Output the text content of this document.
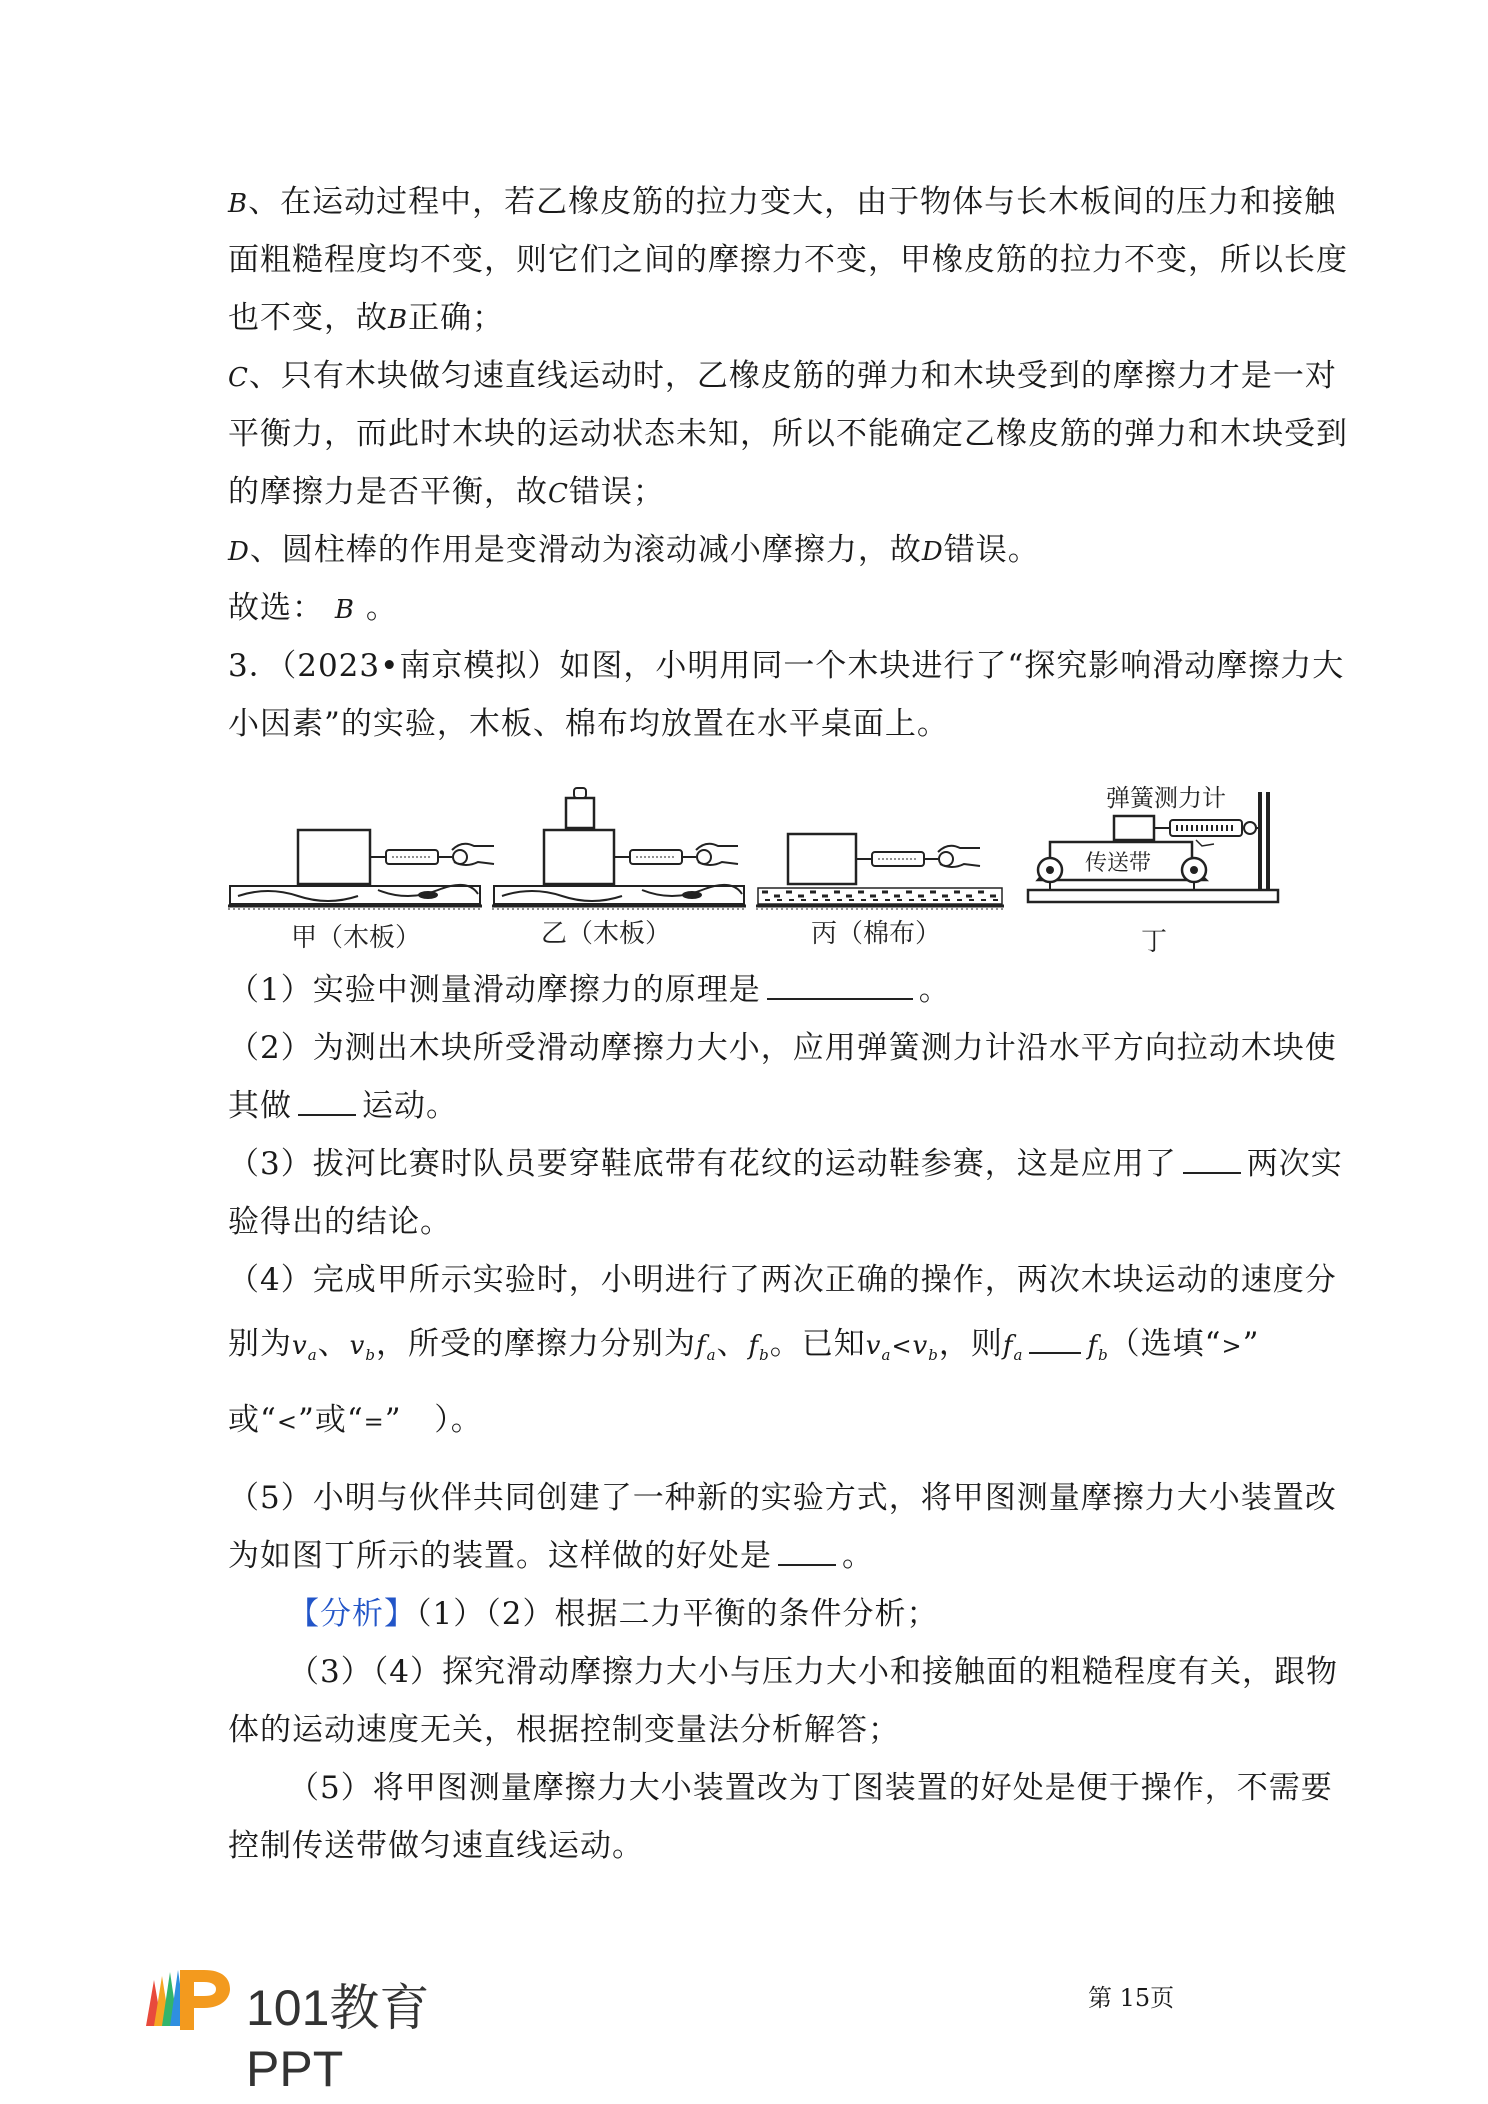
B、在运动过程中，若乙橡皮筋的拉力变大，由于物体与长木板间的压力和接触
面粗糙程度均不变，则它们之间的摩擦力不变，甲橡皮筋的拉力不变，所以长度
也不变，故B正确；
C、只有木块做匀速直线运动时，乙橡皮筋的弹力和木块受到的摩擦力才是一对
平衡力，而此时木块的运动状态未知，所以不能确定乙橡皮筋的弹力和木块受到
的摩擦力是否平衡，故C错误；
D、圆柱棒的作用是变滑动为滚动减小摩擦力，故D错误。
故选： B 。
3．（2023•南京模拟）如图，小明用同一个木块进行了“探究影响滑动摩擦力大
小因素”的实验，木板、棉布均放置在水平桌面上。
（1）实验中测量滑动摩擦力的原理是	。
（2）为测出木块所受滑动摩擦力大小，应用弹簧测力计沿水平方向拉动木块使
其做 运动。
（3）拔河比赛时队员要穿鞋底带有花纹的运动鞋参赛，这是应用了 两次实
验得出的结论。
（4）完成甲所示实验时，小明进行了两次正确的操作，两次木块运动的速度分
别为$v_a$、$v_b$，所受的摩擦力分别为$f_a$、$f_b$。已知$v_a<v_b$，则$f_a$ $f_b$（选填“>”
或“<”或“=” ）。
（5）小明与伙伴共同创建了一种新的实验方式，将甲图测量摩擦力大小装置改
为如图丁所示的装置。这样做的好处是 。
【分析】（1）（2）根据二力平衡的条件分析；
（3）（4）探究滑动摩擦力大小与压力大小和接触面的粗糙程度有关，跟物
体的运动速度无关，根据控制变量法分析解答；
（5）将甲图测量摩擦力大小装置改为丁图装置的好处是便于操作，不需要
控制传送带做匀速直线运动。
甲（木板）	乙（木板）	丙（棉布）	丁
弹簧测力计
传送带
101教育PPT
第 15页
